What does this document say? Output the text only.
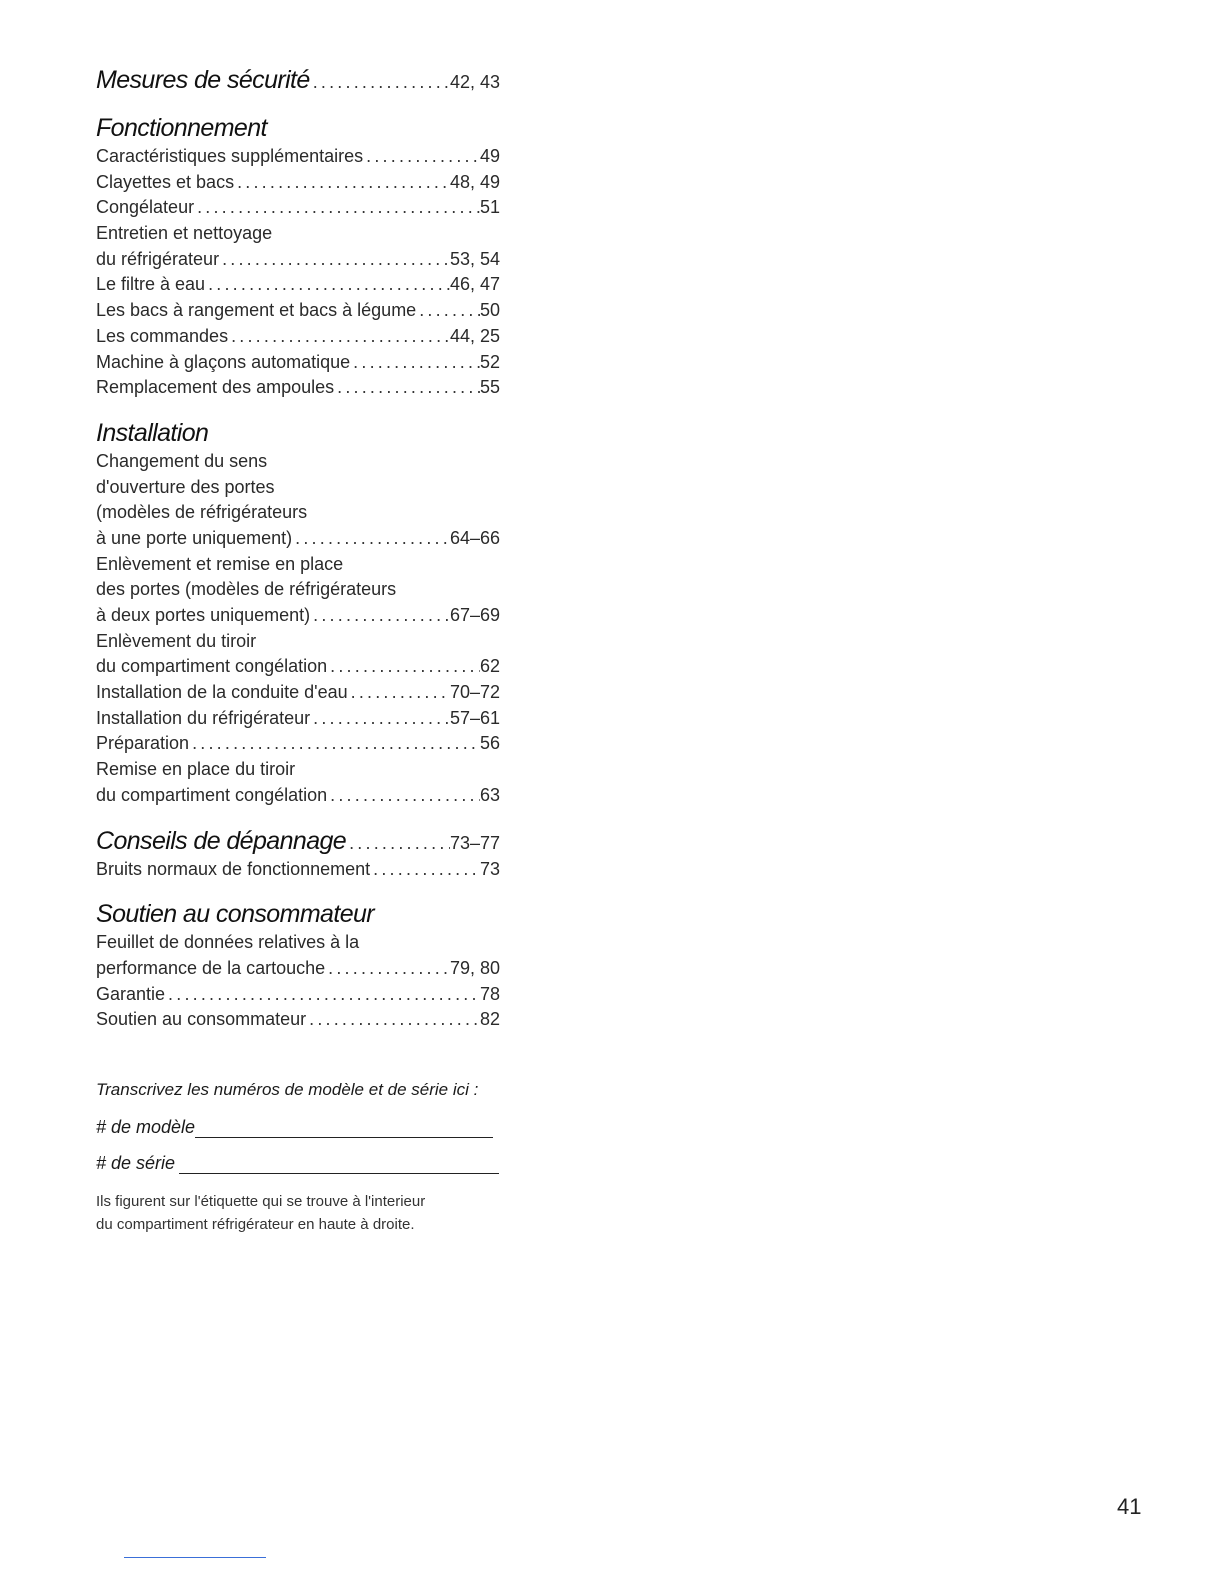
Mesures de sécurité .....	42, 43
Fonctionnement
Caractéristiques supplémentaires .....	49
Clayettes et bacs .....	48, 49
Congélateur .....	51
Entretien et nettoyage
du réfrigérateur .....	53, 54
Le filtre à eau .....	46, 47
Les bacs à rangement et bacs à légume .....	50
Les commandes .....	44, 25
Machine à glaçons automatique .....	52
Remplacement des ampoules .....	55
Installation
Changement du sens
d'ouverture des portes
(modèles de réfrigérateurs
à une porte uniquement) .....	64–66
Enlèvement et remise en place
des portes (modèles de réfrigérateurs
à deux portes uniquement) .....	67–69
Enlèvement du tiroir
du compartiment congélation .....	62
Installation de la conduite d'eau .....	70–72
Installation du réfrigérateur .....	57–61
Préparation .....	56
Remise en place du tiroir
du compartiment congélation .....	63
Conseils de dépannage .....	73–77
Bruits normaux de fonctionnement .....	73
Soutien au consommateur
Feuillet de données relatives à la
performance de la cartouche .....	79, 80
Garantie .....	78
Soutien au consommateur .....	82
Transcrivez les numéros de modèle et de série ici :
# de modèle
# de série
Ils figurent sur l'étiquette qui se trouve à l'interieur
du compartiment réfrigérateur en haute à droite.
41
